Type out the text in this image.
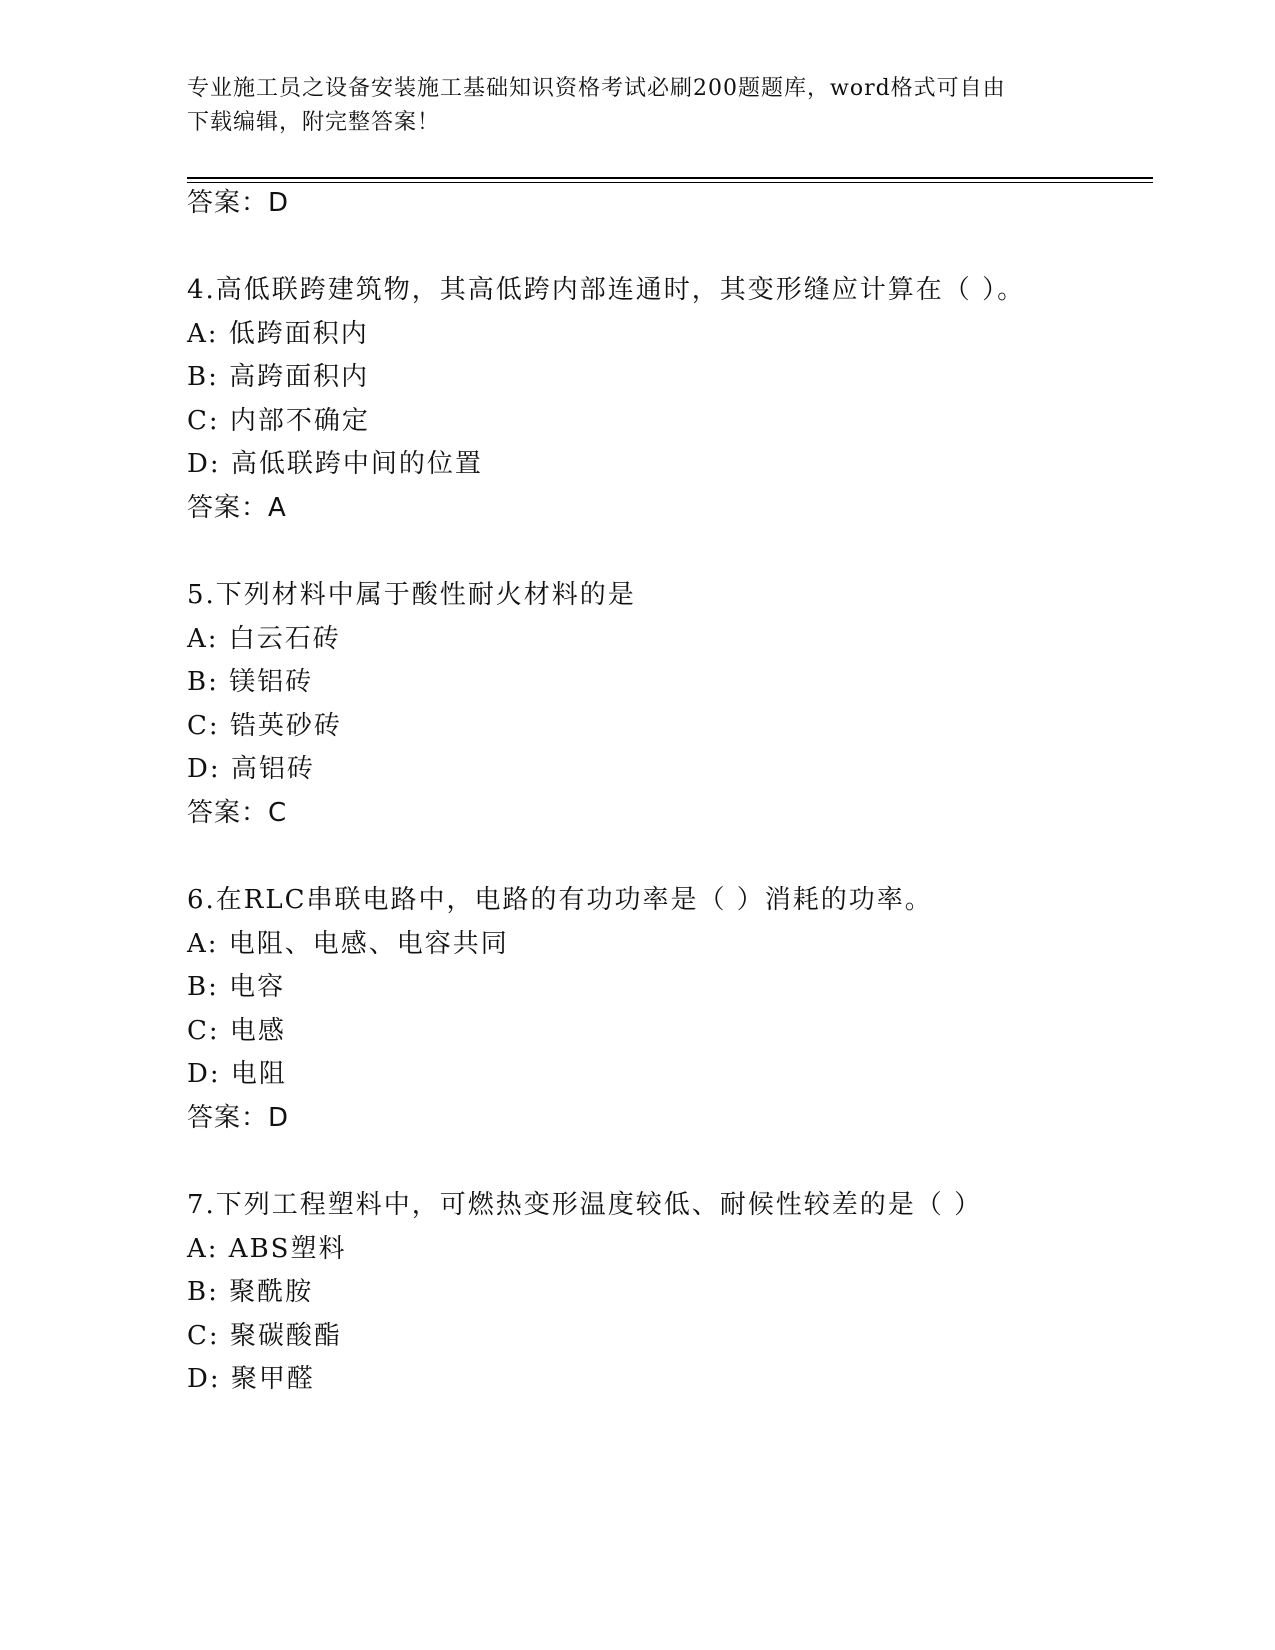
专业施工员之设备安装施工基础知识资格考试必刷200题题库，word格式可自由
下载编辑，附完整答案！
答案：D
4.高低联跨建筑物，其高低跨内部连通时，其变形缝应计算在（ ）。
A: 低跨面积内
B: 高跨面积内
C: 内部不确定
D: 高低联跨中间的位置
答案：A
5.下列材料中属于酸性耐火材料的是
A: 白云石砖
B: 镁铝砖
C: 锆英砂砖
D: 高铝砖
答案：C
6.在RLC串联电路中，电路的有功功率是（ ）消耗的功率。
A: 电阻、电感、电容共同
B: 电容
C: 电感
D: 电阻
答案：D
7.下列工程塑料中，可燃热变形温度较低、耐候性较差的是（ ）
A: ABS塑料
B: 聚酰胺
C: 聚碳酸酯
D: 聚甲醛
